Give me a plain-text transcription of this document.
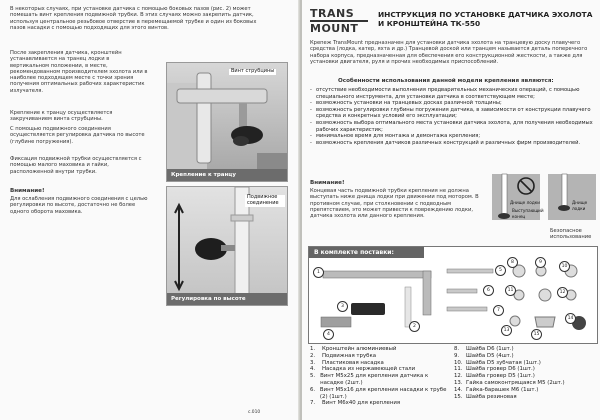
В некоторых случаях, при установке датчика с помощью боковых пазов (рис. 2) может помешать винт крепления подвижной трубки. В этих случаях можно закрепить датчик, используя центральное резьбовое отверстие в перемещаемой трубке и один из боковых пазов насадки с помощью подходящих для этого винтов.
После закрепления датчика, кронштейн устанавливается на транец лодки в вертикальном положении, в месте, рекомендованном производителем эхолота или в наиболее подходящем месте с точки зрения получения оптимальных рабочих характеристик излучателя.
Крепление к транцу осуществляется закручиванием винта струбцины.
С помощью подвижного соединения осуществляется регулировка датчика по высоте (глубине погружения).
Фиксация подвижной трубки осуществляется с помощью малого маховика и гайки, расположенной внутри трубки.
Внимание!
Для ослабления подвижного соединения с целью регулировки по высоте, достаточно не более одного оборота маховика.
Винт струбцины
Крепление к транцу
Подвижное соединение
Регулировка по высоте
с.010
TRANS
MOUNT
ИНСТРУКЦИЯ ПО УСТАНОВКЕ ДАТЧИКА ЭХОЛОТА И КРОНШТЕЙНА ТК-550
Крепеж TransMount предназначен для установки датчика эхолота на транцевую доску плавучего средства (лодка, катер, яхта и др.) Транцевой доской или транцем называется деталь поперечного набора корпуса, предназначенная для обеспечения его конструкционной жесткости, а также для установки двигателя, руля и прочих необходимых приспособлений.
Особенности использования данной модели крепления являются:
- отсутствие необходимости выполнения предварительных механических операций, с помощью специального инструмента, для установки датчика в соответствующем месте;
- возможность установки на транцевых досках различной толщины;
- возможность регулировки глубины погружения датчика, в зависимости от конструкции плавучего средства и конкретных условий его эксплуатации;
- возможность выбора оптимального места установки датчика эхолота, для получения необходимых рабочих характеристик;
- минимальное время для монтажа и демонтажа крепления;
- возможность крепления датчиков различных конструкций и различных фирм производителей.
Внимание!
Концевая часть подвижной трубки крепления не должна выступать ниже днища лодки при движении под мотором. В противном случае, при столкновении с подводным препятствием, это может привести к повреждению лодки, датчика эхолота или данного крепления.
Днище лодки
Выступающий конец
Днище лодки
Безопасное использование
В комплекте поставки:
1
2
3
4
5
6
7
8	9
10
11	12
13
14
15
1.	Кронштейн алюминиевый
2.	Подвижная трубка
3.	Пластиковая насадка
4.	Насадка из нержавеющей стали
5. Винт М5х25 для крепления датчика к насадке (2шт.)
6. Винт М5х16 для крепления насадки к трубе (2) (1шт.)
7.	Винт М6х40 для крепления
8.	Шайба D6 (1шт.)
9.	Шайба D5 (4шт.)
10. Шайба D5 зубчатая (1шт.)
11. Шайба гровер D6 (1шт.)
12. Шайба гровер D5 (1шт.)
13. Гайка самоконтрящаяся М5 (2шт.)
14. Гайка-барашек М6 (1шт.)
15. Шайба резиновая
